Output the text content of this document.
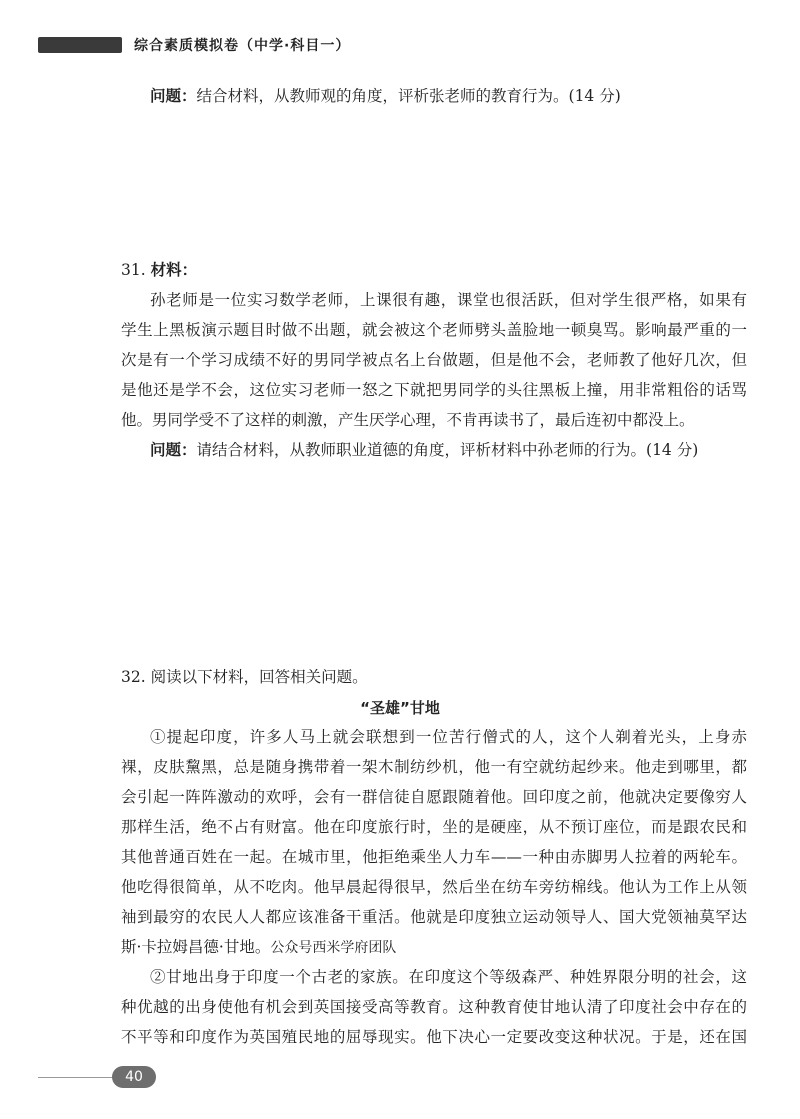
综合素质模拟卷（中学·科目一）
问题：结合材料，从教师观的角度，评析张老师的教育行为。(14 分)
31. 材料：
孙老师是一位实习数学老师，上课很有趣，课堂也很活跃，但对学生很严格，如果有
学生上黑板演示题目时做不出题，就会被这个老师劈头盖脸地一顿臭骂。影响最严重的一
次是有一个学习成绩不好的男同学被点名上台做题，但是他不会，老师教了他好几次，但
是他还是学不会，这位实习老师一怒之下就把男同学的头往黑板上撞，用非常粗俗的话骂
他。男同学受不了这样的刺激，产生厌学心理，不肯再读书了，最后连初中都没上。
问题：请结合材料，从教师职业道德的角度，评析材料中孙老师的行为。(14 分)
32. 阅读以下材料，回答相关问题。
“圣雄”甘地
①提起印度，许多人马上就会联想到一位苦行僧式的人，这个人剃着光头，上身赤
裸，皮肤黧黑，总是随身携带着一架木制纺纱机，他一有空就纺起纱来。他走到哪里，都
会引起一阵阵激动的欢呼，会有一群信徒自愿跟随着他。回印度之前，他就决定要像穷人
那样生活，绝不占有财富。他在印度旅行时，坐的是硬座，从不预订座位，而是跟农民和
其他普通百姓在一起。在城市里，他拒绝乘坐人力车——一种由赤脚男人拉着的两轮车。
他吃得很简单，从不吃肉。他早晨起得很早，然后坐在纺车旁纺棉线。他认为工作上从领
袖到最穷的农民人人都应该准备干重活。他就是印度独立运动领导人、国大党领袖莫罕达
斯·卡拉姆昌德·甘地。公众号西米学府团队
②甘地出身于印度一个古老的家族。在印度这个等级森严、种姓界限分明的社会，这
种优越的出身使他有机会到英国接受高等教育。这种教育使甘地认清了印度社会中存在的
不平等和印度作为英国殖民地的屈辱现实。他下决心一定要改变这种状况。于是，还在国
40
